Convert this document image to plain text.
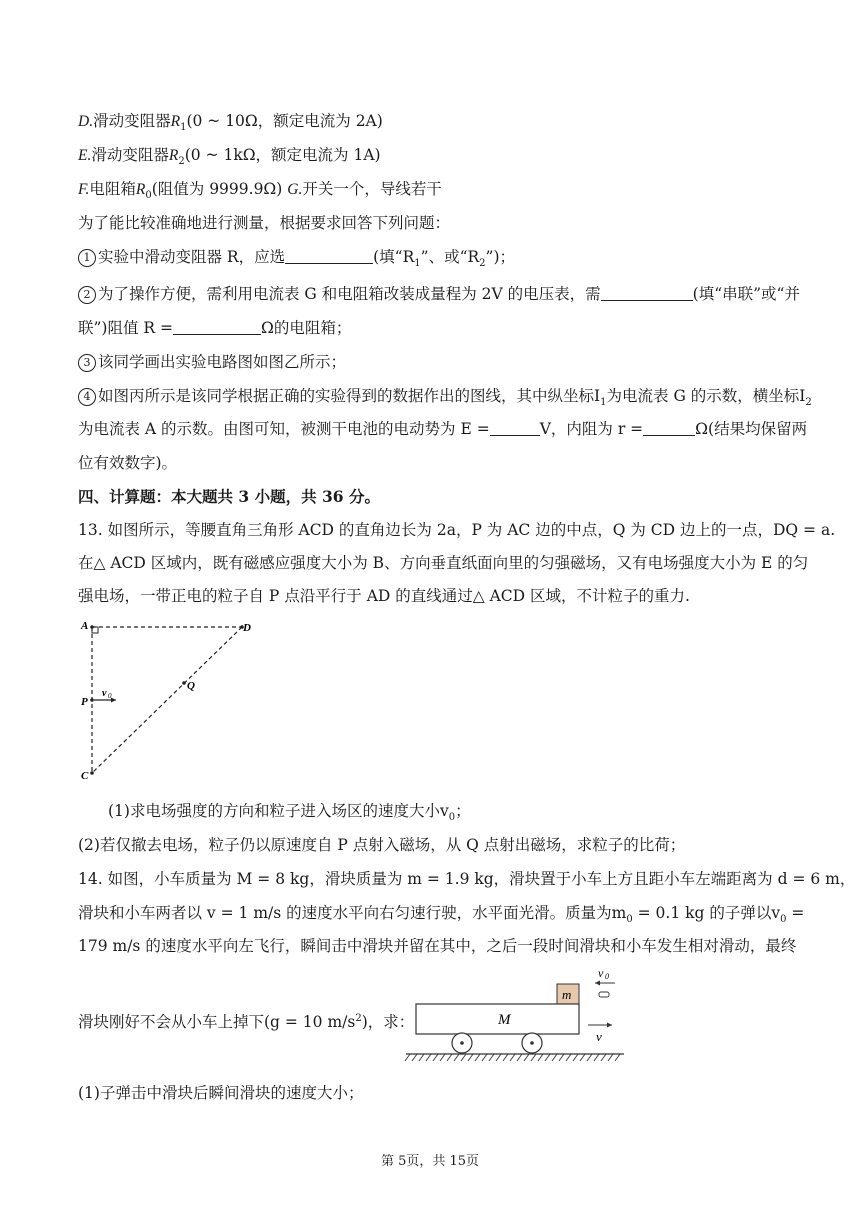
D.滑动变阻器$R_1(0$ ~ 10Ω，额定电流为 2A)
E.滑动变阻器$R_2(0$ ~ 1kΩ，额定电流为 1A)
F.电阻箱$R_0$(阻值为 9999.9Ω) G.开关一个，导线若干
为了能比较准确地进行测量，根据要求回答下列问题：
1 实验中滑动变阻器 R，应选	(填“$R_1$”、或“$R_2$”)；
2 为了操作方便，需利用电流表 G 和电阻箱改装成量程为 2V 的电压表，需	(填“串联”或“并
联”)阻值 R =	Ω的电阻箱；
3 该同学画出实验电路图如图乙所示；
4 如图丙所示是该同学根据正确的实验得到的数据作出的图线，其中纵坐标$I_1$为电流表 G 的示数，横坐标$I_2$
为电流表 A 的示数。由图可知，被测干电池的电动势为 E =	V，内阻为 r =	Ω(结果均保留两
位有效数字)。
四、计算题：本大题共 3 小题，共 36 分。
13. 如图所示，等腰直角三角形 ACD 的直角边长为 2a，P 为 AC 边的中点，Q 为 CD 边上的一点，DQ = a.
在△ ACD 区域内，既有磁感应强度大小为 B、方向垂直纸面向里的匀强磁场，又有电场强度大小为 E 的匀
强电场，一带正电的粒子自 P 点沿平行于 AD 的直线通过△ ACD 区域，不计粒子的重力.
A	D
P
Q
C
v 0
(1)求电场强度的方向和粒子进入场区的速度大小$v_0$；
(2)若仅撤去电场，粒子仍以原速度自 P 点射入磁场，从 Q 点射出磁场，求粒子的比荷；
14. 如图，小车质量为 M = 8 kg，滑块质量为 m = 1.9 kg，滑块置于小车上方且距小车左端距离为 d = 6 m，
滑块和小车两者以 v = 1 m/s 的速度水平向右匀速行驶，水平面光滑。质量为$m_0 = 0.1$ kg 的子弹以$v_0$ =
179 m/s 的速度水平向左飞行，瞬间击中滑块并留在其中，之后一段时间滑块和小车发生相对滑动，最终
滑块刚好不会从小车上掉下(g = 10 $m/s^2$)，求：
m
M
v 0
v
(1)子弹击中滑块后瞬间滑块的速度大小；
第 5页，共 15页
